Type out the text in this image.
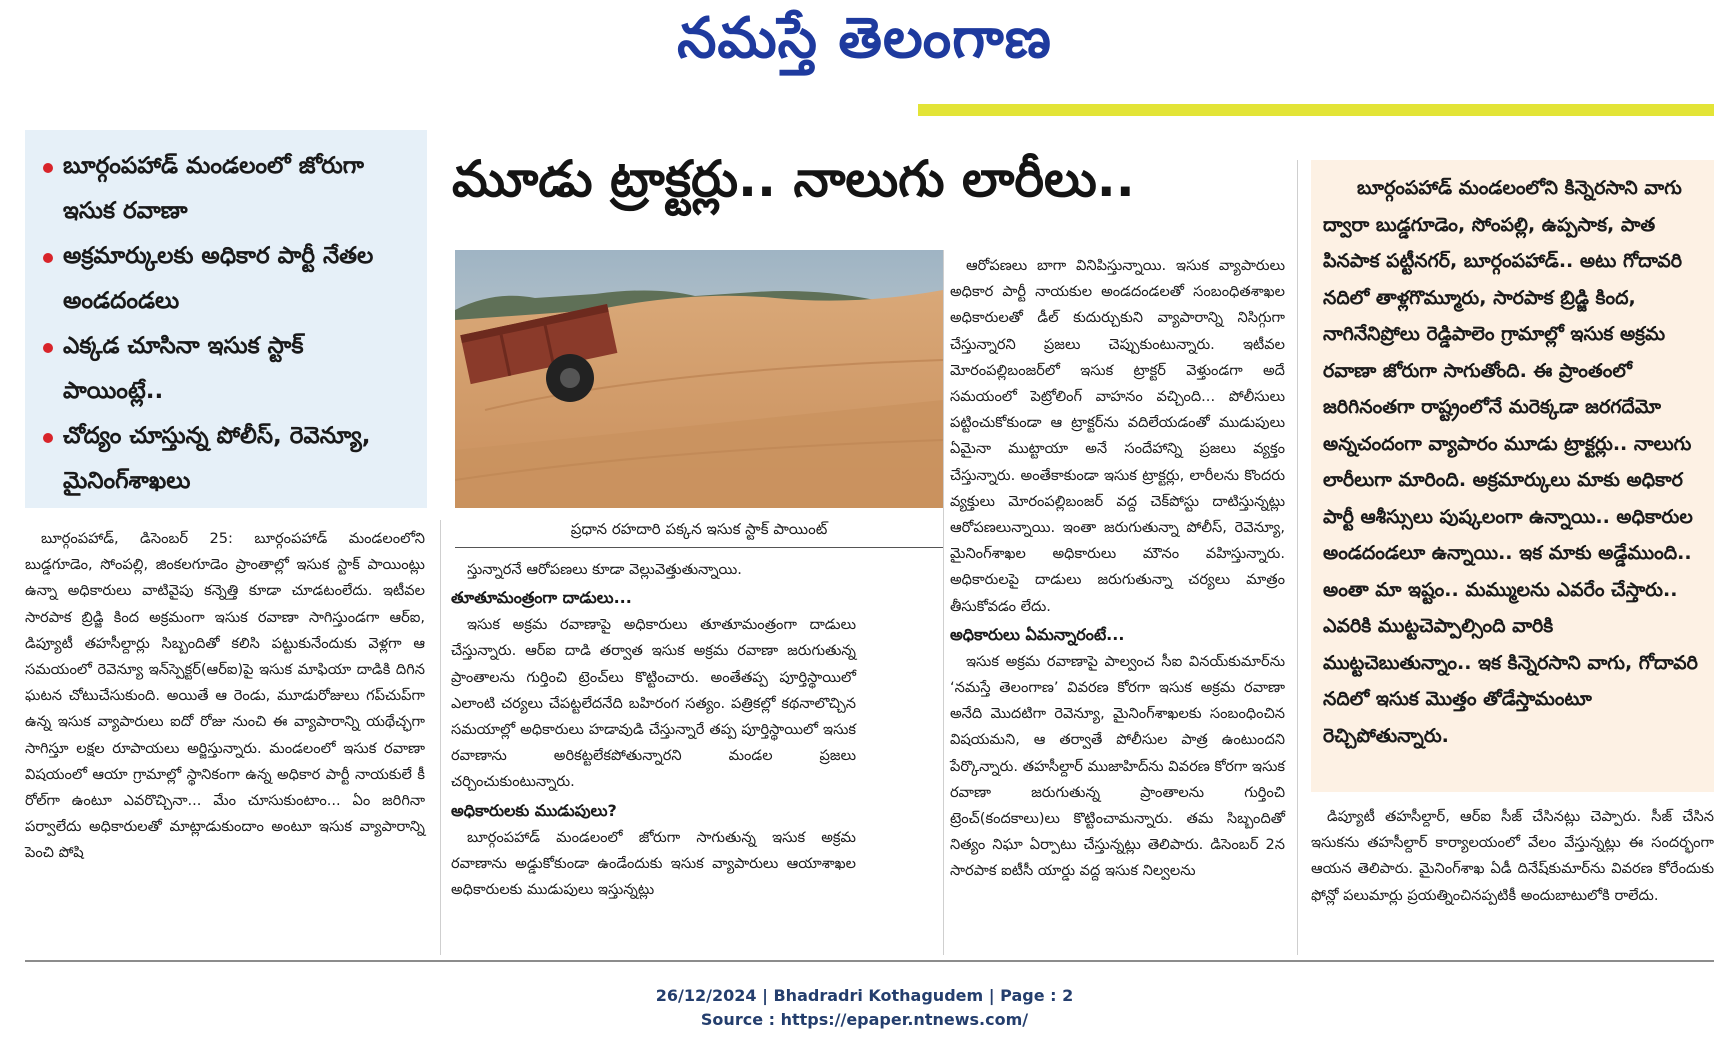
నమస్తే తెలంగాణ
బూర్గంపహాడ్ మండలంలో జోరుగా ఇసుక రవాణా
అక్రమార్కులకు అధికార పార్టీ నేతల అండదండలు
ఎక్కడ చూసినా ఇసుక స్టాక్ పాయింట్లే..
చోద్యం చూస్తున్న పోలీస్, రెవెన్యూ, మైనింగ్‌శాఖలు
మూడు ట్రాక్టర్లు.. నాలుగు లారీలు..
ప్రధాన రహదారి పక్కన ఇసుక స్టాక్ పాయింట్

బూర్గంపహాడ్, డిసెంబర్ 25: బూర్గంపహాడ్ మండలంలోని బుడ్డగూడెం, సోంపల్లి, జింకలగూడెం ప్రాంతాల్లో ఇసుక స్టాక్ పాయింట్లు ఉన్నా అధికారులు వాటివైపు కన్నెత్తి కూడా చూడటంలేదు. ఇటీవల సారపాక బ్రిడ్జి కింద అక్రమంగా ఇసుక రవాణా సాగిస్తుండగా ఆర్ఐ, డిప్యూటీ తహసీల్దార్లు సిబ్బందితో కలిసి పట్టుకునేందుకు వెళ్లగా ఆ సమయంలో రెవెన్యూ ఇన్‌స్పెక్టర్(ఆర్ఐ)పై ఇసుక మాఫియా దాడికి దిగిన ఘటన చోటుచేసుకుంది. అయితే ఆ రెండు, మూడురోజులు గప్‌చుప్‌గా ఉన్న ఇసుక వ్యాపారులు ఐదో రోజు నుంచి ఈ వ్యాపారాన్ని యథేచ్ఛగా సాగిస్తూ లక్షల రూపాయలు అర్జిస్తున్నారు. మండలంలో ఇసుక రవాణా విషయంలో ఆయా గ్రామాల్లో స్థానికంగా ఉన్న అధికార పార్టీ నాయకులే కీ రోల్‌గా ఉంటూ ఎవరొచ్చినా... మేం చూసుకుంటాం... ఏం జరిగినా పర్వాలేదు అధికారులతో మాట్లాడుకుందాం అంటూ ఇసుక వ్యాపారాన్ని పెంచి పోషి

స్తున్నారనే ఆరోపణలు కూడా వెల్లువెత్తుతున్నాయి.

తూతూమంత్రంగా దాడులు...

ఇసుక అక్రమ రవాణాపై అధికారులు తూతూమంత్రంగా దాడులు చేస్తున్నారు. ఆర్ఐ దాడి తర్వాత ఇసుక అక్రమ రవాణా జరుగుతున్న ప్రాంతాలను గుర్తించి ట్రెంచ్‌లు కొట్టించారు. అంతేతప్ప పూర్తిస్థాయిలో ఎలాంటి చర్యలు చేపట్టలేదనేది బహిరంగ సత్యం. పత్రికల్లో కథనాలొచ్చిన సమయాల్లో అధికారులు హడావుడి చేస్తున్నారే తప్ప పూర్తిస్థాయిలో ఇసుక రవాణాను అరికట్టలేకపోతున్నారని మండల ప్రజలు చర్చించుకుంటున్నారు.

అధికారులకు ముడుపులు?

బూర్గంపహాడ్ మండలంలో జోరుగా సాగుతున్న ఇసుక అక్రమ రవాణాను అడ్డుకోకుండా ఉండేందుకు ఇసుక వ్యాపారులు ఆయాశాఖల అధికారులకు ముడుపులు ఇస్తున్నట్లు

ఆరోపణలు బాగా వినిపిస్తున్నాయి. ఇసుక వ్యాపారులు అధికార పార్టీ నాయకుల అండదండలతో సంబంధితశాఖల అధికారులతో డీల్ కుదుర్చుకుని వ్యాపారాన్ని నిసిగ్గుగా చేస్తున్నారని ప్రజలు చెప్పుకుంటున్నారు. ఇటీవల మోరంపల్లిబంజర్‌లో ఇసుక ట్రాక్టర్ వెళ్తుండగా అదే సమయంలో పెట్రోలింగ్ వాహనం వచ్చింది... పోలీసులు పట్టించుకోకుండా ఆ ట్రాక్టర్‌ను వదిలేయడంతో ముడుపులు ఏమైనా ముట్టాయా అనే సందేహాన్ని ప్రజలు వ్యక్తం చేస్తున్నారు. అంతేకాకుండా ఇసుక ట్రాక్టర్లు, లారీలను కొందరు వ్యక్తులు మోరంపల్లిబంజర్ వద్ద చెక్‌పోస్టు దాటిస్తున్నట్లు ఆరోపణలున్నాయి. ఇంతా జరుగుతున్నా పోలీస్, రెవెన్యూ, మైనింగ్‌శాఖల అధికారులు మౌనం వహిస్తున్నారు. అధికారులపై దాడులు జరుగుతున్నా చర్యలు మాత్రం తీసుకోవడం లేదు.

అధికారులు ఏమన్నారంటే...

ఇసుక అక్రమ రవాణాపై పాల్వంచ సీఐ వినయ్‌కుమార్‌ను ‘నమస్తే తెలంగాణ’ వివరణ కోరగా ఇసుక అక్రమ రవాణా అనేది మొదటిగా రెవెన్యూ, మైనింగ్‌శాఖలకు సంబంధించిన విషయమని, ఆ తర్వాతే పోలీసుల పాత్ర ఉంటుందని పేర్కొన్నారు. తహసీల్దార్ ముజాహిద్‌ను వివరణ కోరగా ఇసుక రవాణా జరుగుతున్న ప్రాంతాలను గుర్తించి ట్రెంచ్(కందకాలు)లు కొట్టించామన్నారు. తమ సిబ్బందితో నిత్యం నిఘా ఏర్పాటు చేస్తున్నట్లు తెలిపారు. డిసెంబర్ 2న సారపాక ఐటీసీ యార్డు వద్ద ఇసుక నిల్వలను

బూర్గంపహాడ్ మండలంలోని కిన్నెరసాని వాగు ద్వారా బుడ్డగూడెం, సోంపల్లి, ఉప్పసాక, పాత పినపాక పట్టీనగర్, బూర్గంపహాడ్.. అటు గోదావరి నదిలో తాళ్లగొమ్మూరు, సారపాక బ్రిడ్జి కింద, నాగినేనిప్రోలు రెడ్డిపాలెం గ్రామాల్లో ఇసుక అక్రమ రవాణా జోరుగా సాగుతోంది. ఈ ప్రాంతంలో జరిగినంతగా రాష్ట్రంలోనే మరెక్కడా జరగదేమో అన్నచందంగా వ్యాపారం మూడు ట్రాక్టర్లు.. నాలుగు లారీలుగా మారింది. అక్రమార్కులు మాకు అధికార పార్టీ ఆశీస్సులు పుష్కలంగా ఉన్నాయి.. అధికారుల అండదండలూ ఉన్నాయి.. ఇక మాకు అడ్డేముంది.. అంతా మా ఇష్టం.. మమ్ములను ఎవరేం చేస్తారు.. ఎవరికి ముట్టచెప్పాల్సింది వారికి ముట్టచెబుతున్నాం.. ఇక కిన్నెరసాని వాగు, గోదావరి నదిలో ఇసుక మొత్తం తోడేస్తామంటూ రెచ్చిపోతున్నారు.

డిప్యూటీ తహసీల్దార్, ఆర్ఐ సీజ్ చేసినట్లు చెప్పారు. సీజ్ చేసిన ఇసుకను తహసీల్దార్ కార్యాలయంలో వేలం వేస్తున్నట్లు ఈ సందర్భంగా ఆయన తెలిపారు. మైనింగ్‌శాఖ ఏడీ దినేష్‌కుమార్‌ను వివరణ కోరేందుకు ఫోన్లో పలుమార్లు ప్రయత్నించినప్పటికీ అందుబాటులోకి రాలేదు.

26/12/2024 | Bhadradri Kothagudem | Page : 2
Source : https://epaper.ntnews.com/
